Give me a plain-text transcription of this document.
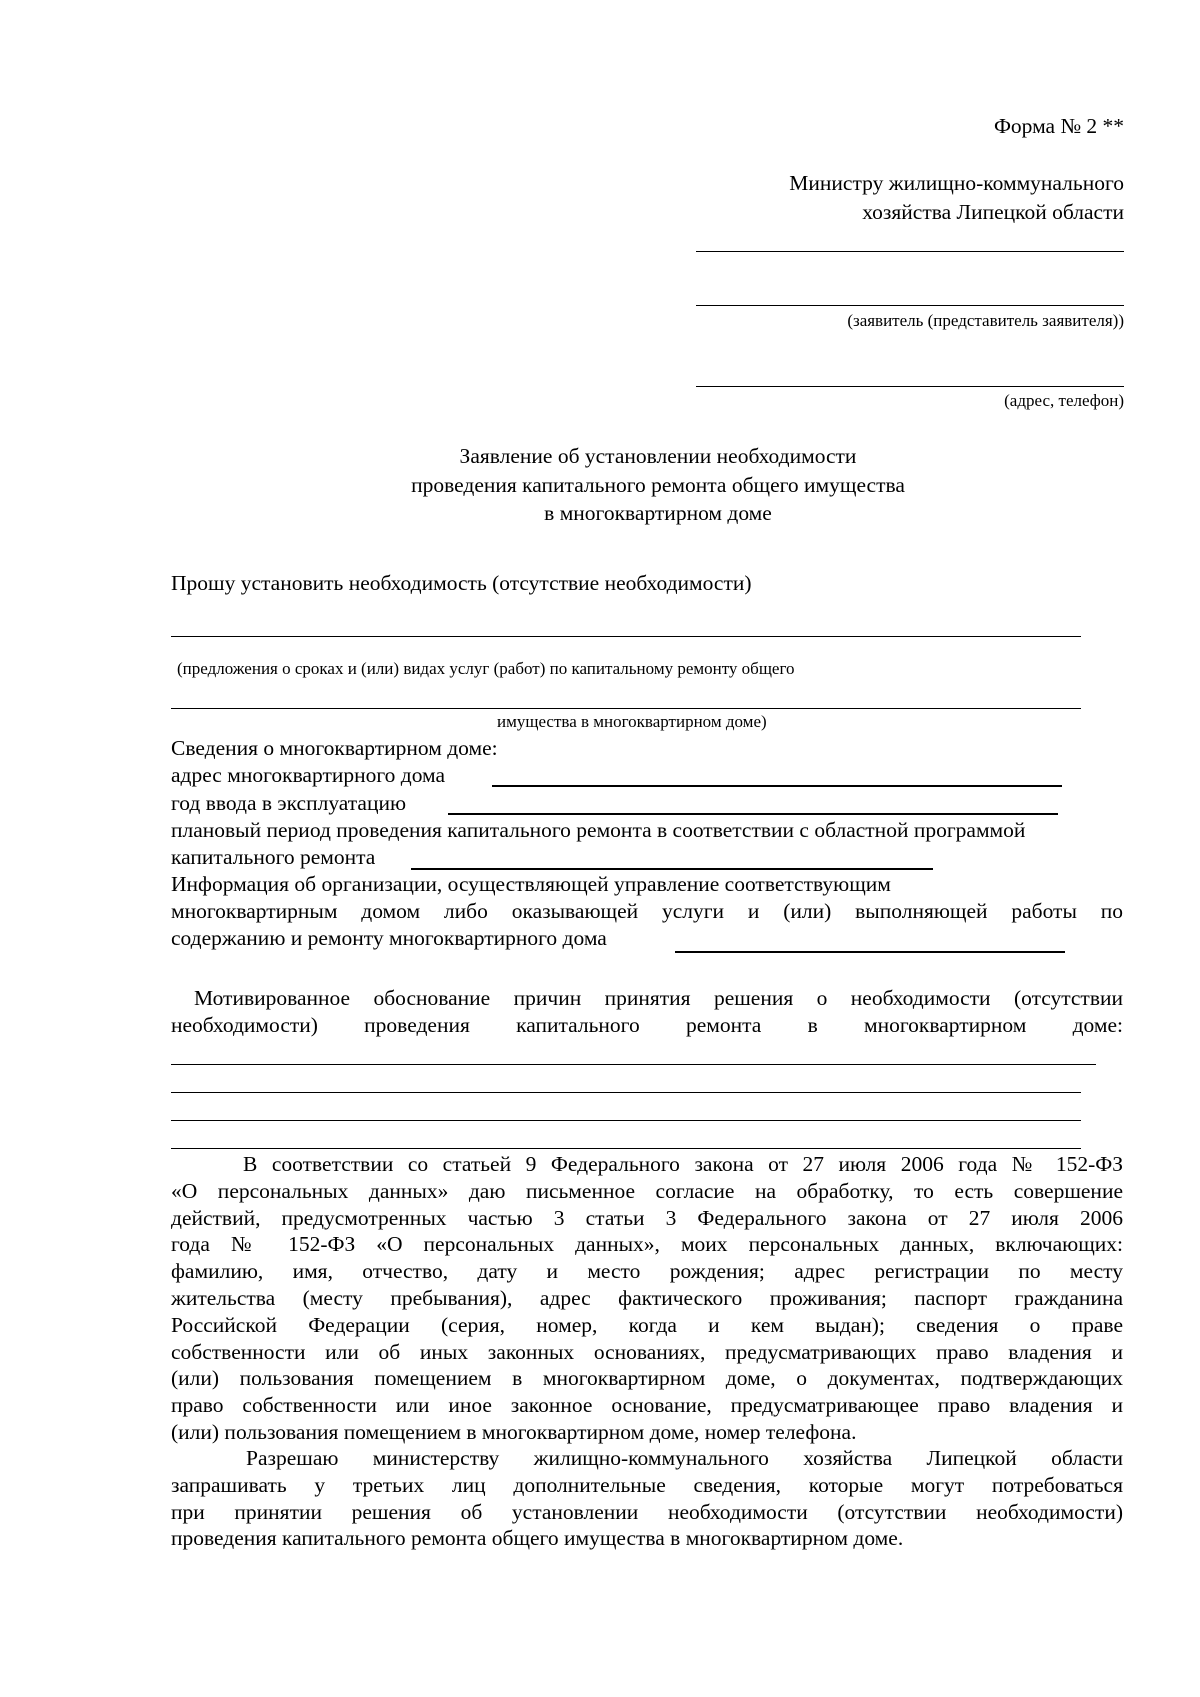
Форма № 2 **
Министру жилищно-коммунального
хозяйства Липецкой области
(заявитель (представитель заявителя))
(адрес, телефон)
Заявление об установлении необходимости
проведения капитального ремонта общего имущества
в многоквартирном доме
Прошу установить необходимость (отсутствие необходимости)
(предложения о сроках и (или) видах услуг (работ) по капитальному ремонту общего
имущества в многоквартирном доме)
Сведения о многоквартирном доме:
адрес многоквартирного дома
год ввода в эксплуатацию
плановый период проведения капитального ремонта в соответствии с областной программой
капитального ремонта
Информация об организации, осуществляющей управление соответствующим
многоквартирным домом либо оказывающей услуги и (или) выполняющей работы по
содержанию и ремонту многоквартирного дома
Мотивированное обоснование причин принятия решения о необходимости (отсутствии
необходимости) проведения капитального ремонта в многоквартирном доме:
В соответствии со статьей 9 Федерального закона от 27 июля 2006 года № 152-ФЗ
«О персональных данных» даю письменное согласие на обработку, то есть совершение
действий, предусмотренных частью 3 статьи 3 Федерального закона от 27 июля 2006
года № 152-ФЗ «О персональных данных», моих персональных данных, включающих:
фамилию, имя, отчество, дату и место рождения; адрес регистрации по месту
жительства (месту пребывания), адрес фактического проживания; паспорт гражданина
Российской Федерации (серия, номер, когда и кем выдан); сведения о праве
собственности или об иных законных основаниях, предусматривающих право владения и
(или) пользования помещением в многоквартирном доме, о документах, подтверждающих
право собственности или иное законное основание, предусматривающее право владения и
(или) пользования помещением в многоквартирном доме, номер телефона.
Разрешаю министерству жилищно-коммунального хозяйства Липецкой области
запрашивать у третьих лиц дополнительные сведения, которые могут потребоваться
при принятии решения об установлении необходимости (отсутствии необходимости)
проведения капитального ремонта общего имущества в многоквартирном доме.
